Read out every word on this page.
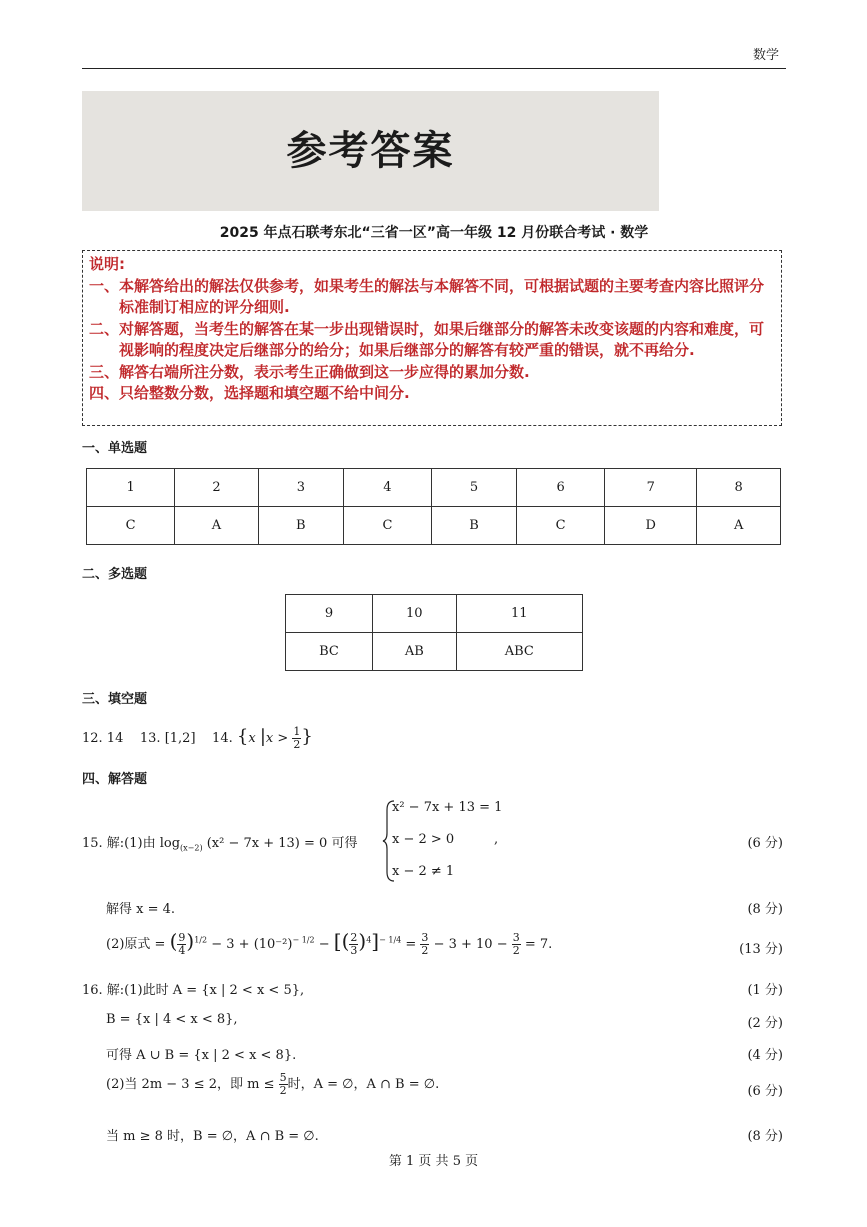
数学
参考答案
2025 年点石联考东北“三省一区”高一年级 12 月份联合考试 · 数学
说明:
一、 本解答给出的解法仅供参考，如果考生的解法与本解答不同，可根据试题的主要考查内容比照评分标准制订相应的评分细则.
二、 对解答题，当考生的解答在某一步出现错误时，如果后继部分的解答未改变该题的内容和难度，可视影响的程度决定后继部分的给分；如果后继部分的解答有较严重的错误，就不再给分.
三、 解答右端所注分数，表示考生正确做到这一步应得的累加分数.
四、 只给整数分数，选择题和填空题不给中间分.
一、单选题
1	2	3	4	5	6	7	8
C	A	B	C	B	C	D	A
二、多选题
9	10	11
BC	AB	ABC
三、填空题
12. 14 13. [1,2] 14. {x $|x > \frac{1}{2}$ }
四、解答题
15. 解:(1)由 $\log_{(x-2)} (x^2 - 7x + 13) = 0$ 可得
x² − 7x + 13 = 1
x − 2 > 0
x − 2 ≠ 1
,	(6 分)
解得 x = 4.	(8 分)
(2)原式 = ( $\frac{9}{4} )^{1/2} - 3 + (10^{-2})^{- 1/2}$ − [( $\frac{2}{3} )^4]^{- 1/4} = \frac{3}{2} - 3 + 10 - \frac{3}{2} = 7$.	(13 分)
16. 解:(1)此时 A = {x | 2 < x < 5},	(1 分)
B = {x | 4 < x < 8},	(2 分)
可得 A ∪ B = {x | 2 < x < 8}.	(4 分)
(2)当 2m − 3 ≤ 2，即 $m \le \frac{5}{2}$ 时，A = ∅，A ∩ B = ∅.	(6 分)
当 m ≥ 8 时，B = ∅，A ∩ B = ∅.	(8 分)
第 1 页 共 5 页
